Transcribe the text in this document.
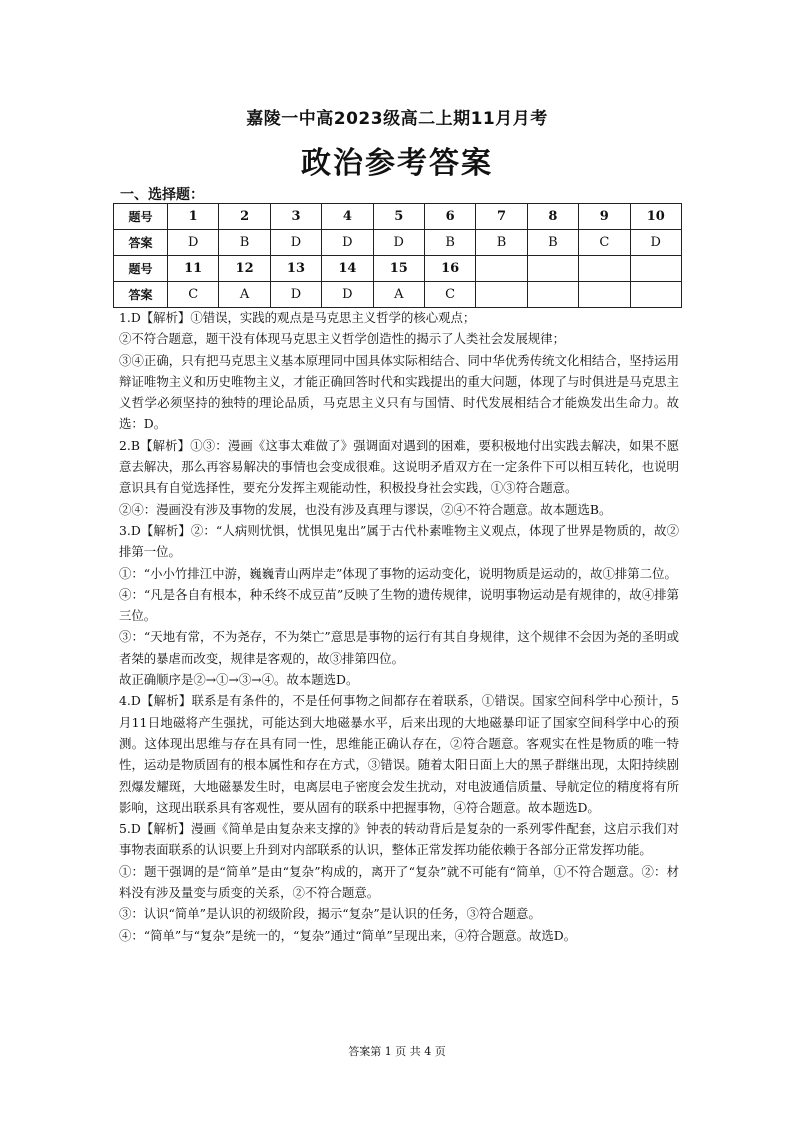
嘉陵一中高2023级高二上期11月月考
政治参考答案
一、选择题：
题号	1	2	3	4	5	6	7	8	9	10
答案	D	B	D	D	D	B	B	B	C	D
题号	11	12	13	14	15	16				
答案	C	A	D	D	A	C				

1.D【解析】①错误，实践的观点是马克思主义哲学的核心观点；

②不符合题意，题干没有体现马克思主义哲学创造性的揭示了人类社会发展规律；

③④正确，只有把马克思主义基本原理同中国具体实际相结合、同中华优秀传统文化相结合，坚持运用辩证唯物主义和历史唯物主义，才能正确回答时代和实践提出的重大问题，体现了与时俱进是马克思主义哲学必须坚持的独特的理论品质，马克思主义只有与国情、时代发展相结合才能焕发出生命力。故选：D。

2.B【解析】①③：漫画《这事太难做了》强调面对遇到的困难，要积极地付出实践去解决，如果不愿意去解决，那么再容易解决的事情也会变成很难。这说明矛盾双方在一定条件下可以相互转化，也说明意识具有自觉选择性，要充分发挥主观能动性，积极投身社会实践，①③符合题意。

②④：漫画没有涉及事物的发展，也没有涉及真理与谬误，②④不符合题意。故本题选B。

3.D【解析】②：“人病则忧惧，忧惧见鬼出”属于古代朴素唯物主义观点，体现了世界是物质的，故②排第一位。

①：“小小竹排江中游，巍巍青山两岸走”体现了事物的运动变化，说明物质是运动的，故①排第二位。

④：“凡是各自有根本，种禾终不成豆苗”反映了生物的遗传规律，说明事物运动是有规律的，故④排第三位。

③：“天地有常，不为尧存，不为桀亡”意思是事物的运行有其自身规律，这个规律不会因为尧的圣明或者桀的暴虐而改变，规律是客观的，故③排第四位。

故正确顺序是②→①→③→④。故本题选D。

4.D【解析】联系是有条件的，不是任何事物之间都存在着联系，①错误。国家空间科学中心预计，5月11日地磁将产生强扰，可能达到大地磁暴水平，后来出现的大地磁暴印证了国家空间科学中心的预测。这体现出思维与存在具有同一性，思维能正确认存在，②符合题意。客观实在性是物质的唯一特性，运动是物质固有的根本属性和存在方式，③错误。随着太阳日面上大的黑子群继出现，太阳持续剧烈爆发耀斑，大地磁暴发生时，电离层电子密度会发生扰动，对电波通信质量、导航定位的精度将有所影响，这现出联系具有客观性，要从固有的联系中把握事物，④符合题意。故本题选D。

5.D【解析】漫画《简单是由复杂来支撑的》钟表的转动背后是复杂的一系列零件配套，这启示我们对事物表面联系的认识要上升到对内部联系的认识，整体正常发挥功能依赖于各部分正常发挥功能。

①：题干强调的是“简单”是由“复杂”构成的，离开了“复杂”就不可能有“简单，①不符合题意。②：材料没有涉及量变与质变的关系，②不符合题意。

③：认识“简单”是认识的初级阶段，揭示“复杂”是认识的任务，③符合题意。

④：“简单”与“复杂”是统一的，“复杂”通过“简单”呈现出来，④符合题意。故选D。

答案第 1 页 共 4 页
